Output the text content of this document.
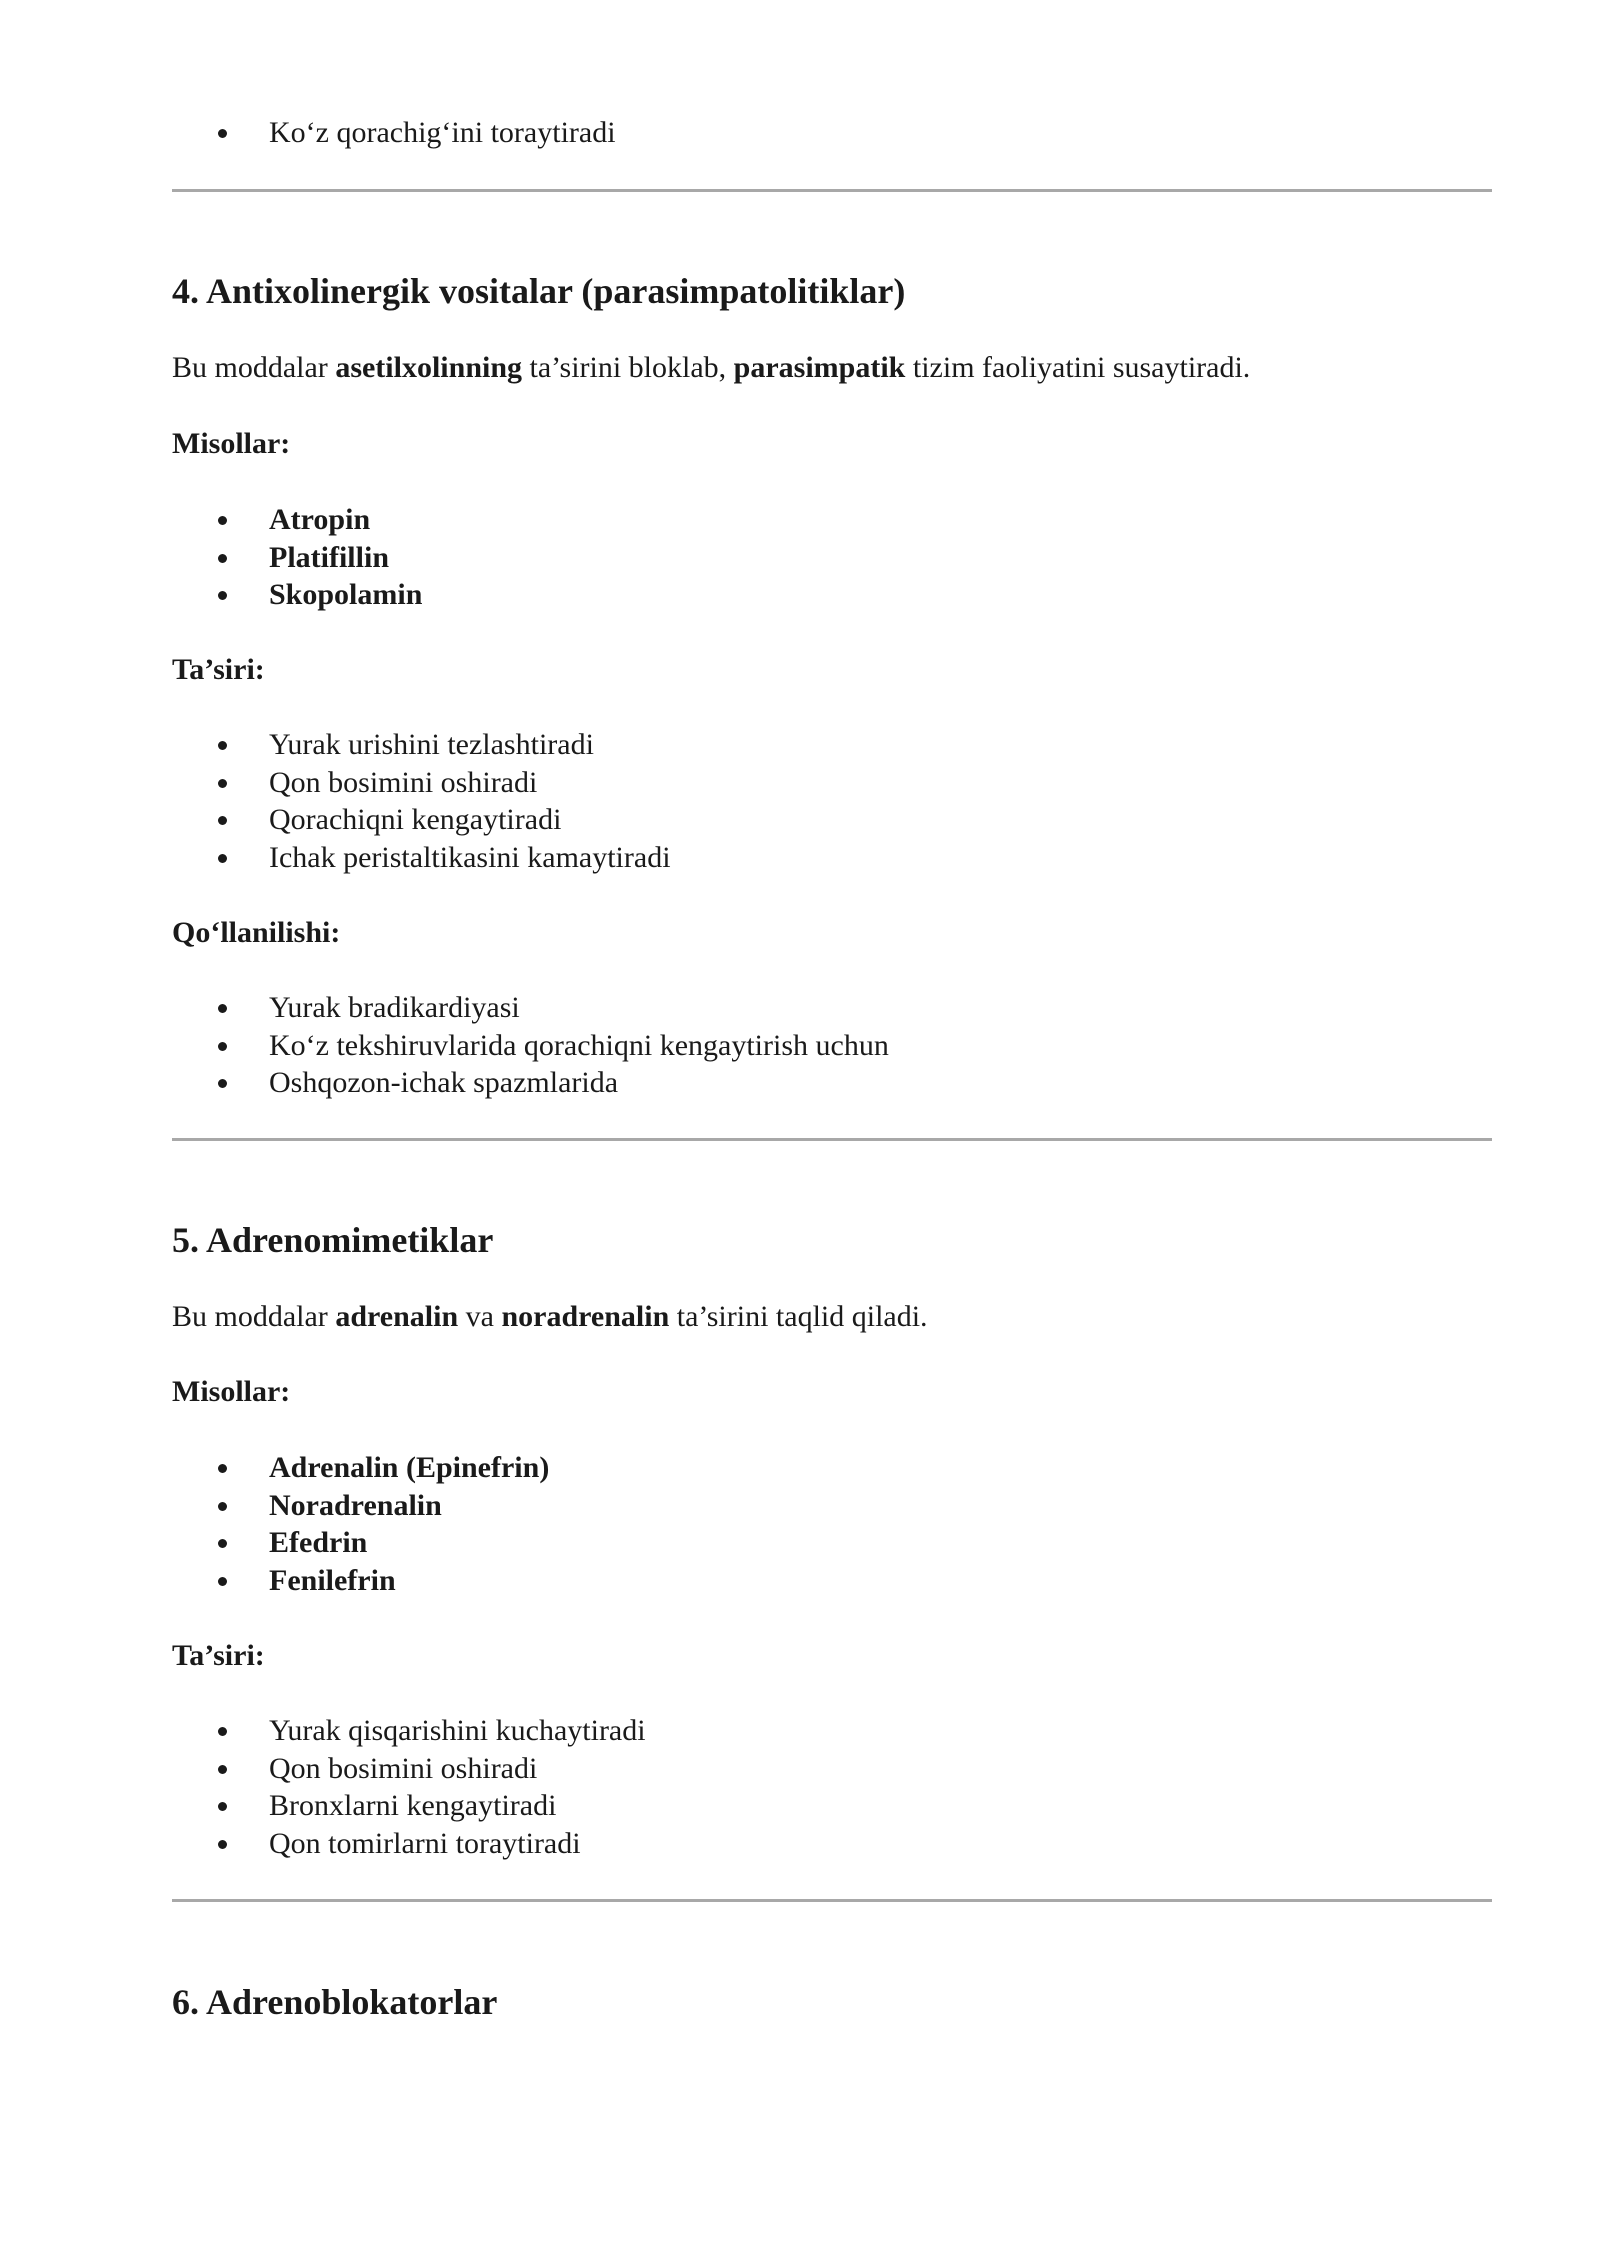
Ko‘z qorachig‘ini toraytiradi
4. Antixolinergik vositalar (parasimpatolitiklar)

Bu moddalar asetilxolinning ta’sirini bloklab, parasimpatik tizim faoliyatini susaytiradi.

Misollar:

Atropin
Platifillin
Skopolamin

Ta’siri:

Yurak urishini tezlashtiradi
Qon bosimini oshiradi
Qorachiqni kengaytiradi
Ichak peristaltikasini kamaytiradi

Qo‘llanilishi:

Yurak bradikardiyasi
Ko‘z tekshiruvlarida qorachiqni kengaytirish uchun
Oshqozon-ichak spazmlarida
5. Adrenomimetiklar

Bu moddalar adrenalin va noradrenalin ta’sirini taqlid qiladi.

Misollar:

Adrenalin (Epinefrin)
Noradrenalin
Efedrin
Fenilefrin

Ta’siri:

Yurak qisqarishini kuchaytiradi
Qon bosimini oshiradi
Bronxlarni kengaytiradi
Qon tomirlarni toraytiradi
6. Adrenoblokatorlar
